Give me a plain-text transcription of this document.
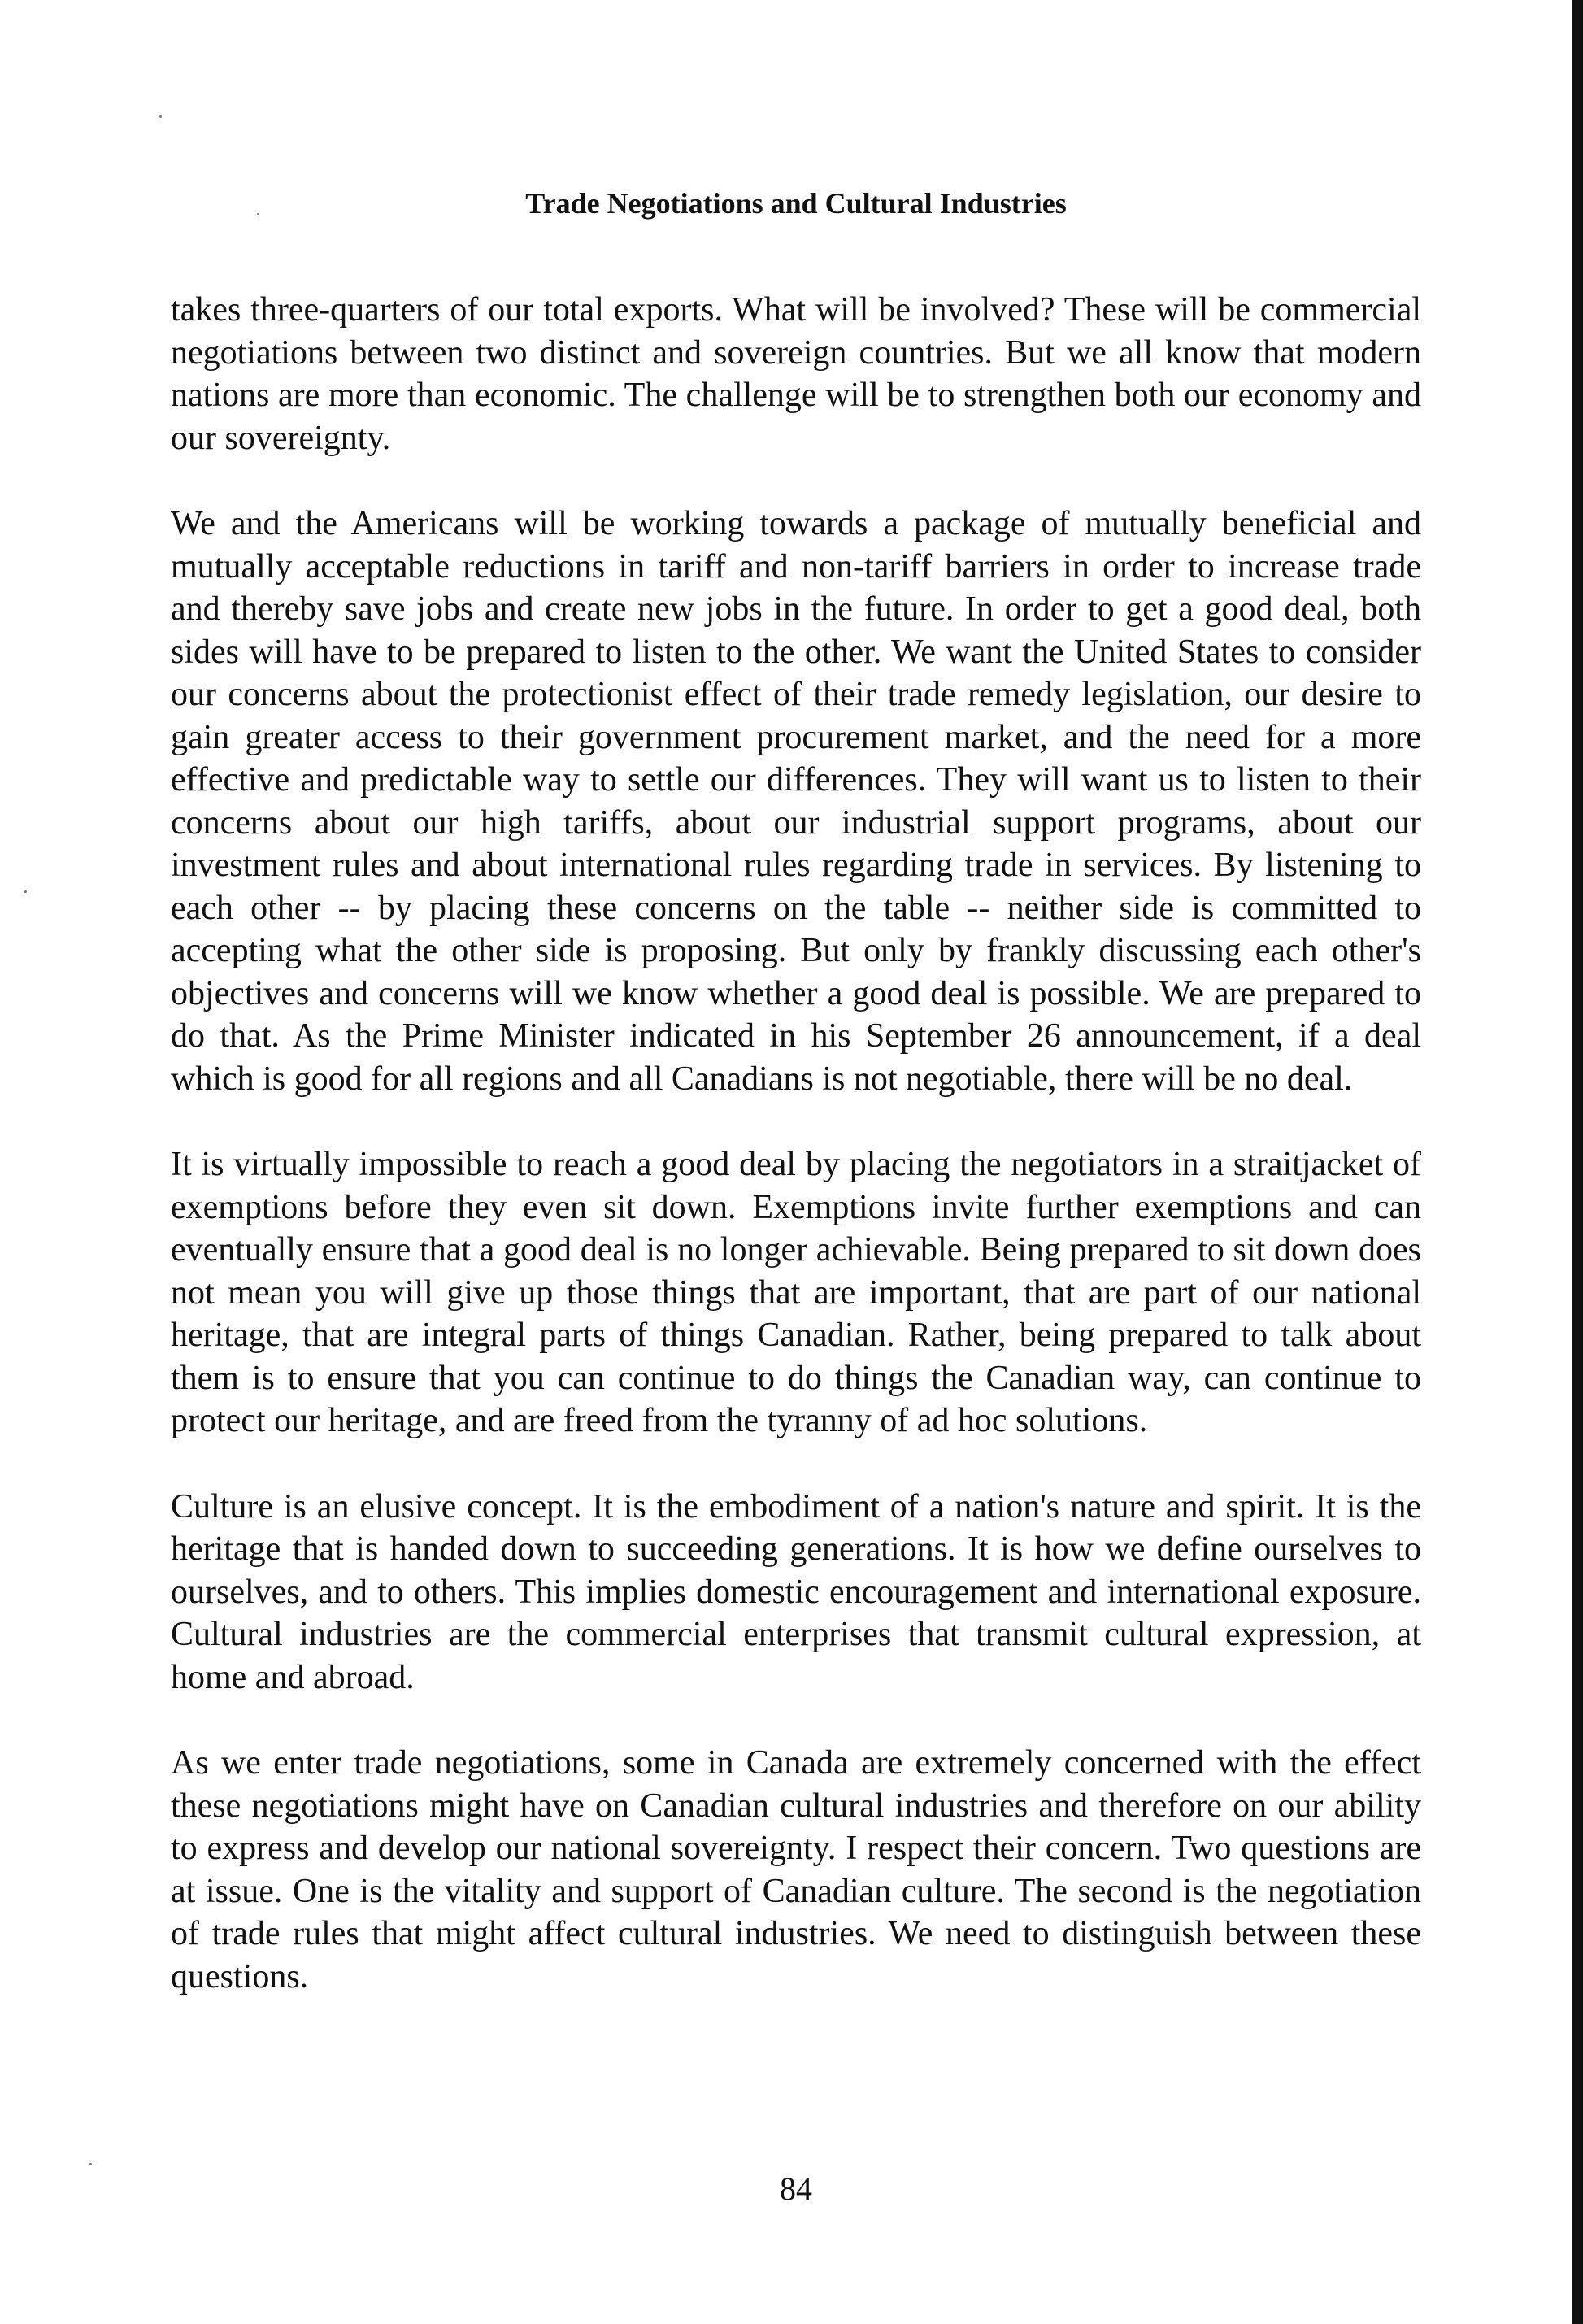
Trade Negotiations and Cultural Industries

takes three-quarters of our total exports. What will be involved? These will be commercial negotiations between two distinct and sovereign countries. But we all know that modern nations are more than economic. The challenge will be to strengthen both our economy and our sovereignty.

We and the Americans will be working towards a package of mutually beneficial and mutually acceptable reductions in tariff and non-tariff barriers in order to increase trade and thereby save jobs and create new jobs in the future. In order to get a good deal, both sides will have to be prepared to listen to the other. We want the United States to consider our concerns about the protectionist effect of their trade remedy legislation, our desire to gain greater access to their government procurement market, and the need for a more effective and predictable way to settle our differences. They will want us to listen to their concerns about our high tariffs, about our industrial support programs, about our investment rules and about international rules regarding trade in services. By listening to each other -- by placing these concerns on the table -- neither side is committed to accepting what the other side is proposing. But only by frankly discussing each other's objectives and concerns will we know whether a good deal is possible. We are prepared to do that. As the Prime Minister indicated in his September 26 announcement, if a deal which is good for all regions and all Canadians is not negotiable, there will be no deal.

It is virtually impossible to reach a good deal by placing the negotiators in a straitjacket of exemptions before they even sit down. Exemptions invite further exemptions and can eventually ensure that a good deal is no longer achievable. Being prepared to sit down does not mean you will give up those things that are important, that are part of our national heritage, that are integral parts of things Canadian. Rather, being prepared to talk about them is to ensure that you can continue to do things the Canadian way, can continue to protect our heritage, and are freed from the tyranny of ad hoc solutions.

Culture is an elusive concept. It is the embodiment of a nation's nature and spirit. It is the heritage that is handed down to succeeding generations. It is how we define ourselves to ourselves, and to others. This implies domestic encouragement and international exposure. Cultural industries are the commercial enterprises that transmit cultural expression, at home and abroad.

As we enter trade negotiations, some in Canada are extremely concerned with the effect these negotiations might have on Canadian cultural industries and therefore on our ability to express and develop our national sovereignty. I respect their concern. Two questions are at issue. One is the vitality and support of Canadian culture. The second is the negotiation of trade rules that might affect cultural industries. We need to distinguish between these questions.

84
